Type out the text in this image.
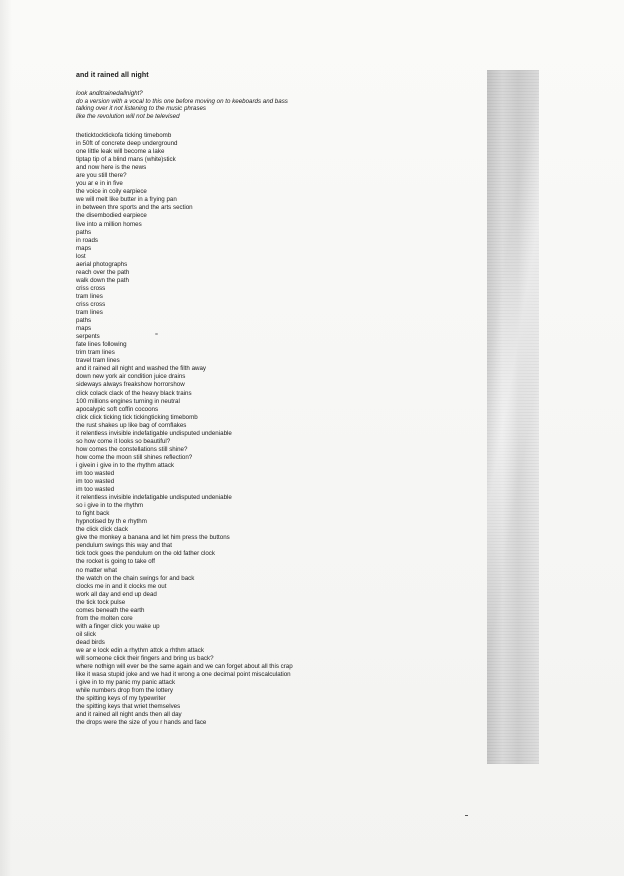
and it rained all night
look anditrainedallnight?
do a version with a vocal to this one before moving on to keeboards and bass
talking over it not listening to the music phrases
like the revolution will not be televised
theticktocktickofa ticking timebomb
in 50ft of concrete deep underground
one little leak will become a lake
tiptap tip of a blind mans (white)stick
and now here is the news
are you still there?
you ar e in in five
the voice in coily earpiece
we will melt like butter in a frying pan
in between thre sports and the arts section
the disembodied earpiece
live into a million homes
paths
in roads
maps
lost
aerial photographs
reach over the path
walk down the path
criss cross
tram lines
criss cross
tram lines
paths
maps
serpents
fate lines following
trim tram lines
travel tram lines
and it rained all night and washed the filth away
down new york air condition juice drains
sideways always freakshow horrorshow
click colack clack of the heavy black trains
100 millions engines turning in neutral
apocalypic soft coffin cocoons
click click ticking tick tickingticking timebomb
the rust shakes up like bag of cornflakes
it relentless invisible indefatigable undisputed undeniable
so how come it looks so beautiful?
how comes the constellations still shine?
how come the moon still shines reflection?
i givein i give in to the rhythm attack
im too wasted
im too wasted
im too wasted
it relentless invisible indefatigable undisputed undeniable
so i give in to the rhythm
to fight back
hypnotised by th e rhythm
the click click clack
give the monkey a banana and let him press the buttons
pendulum swings this way and that
tick tock goes the pendulum on the old father clock
the rocket is going to take off
no matter what
the watch on the chain swings for and back
clocks me in and it clocks me out
work all day and end up dead
the tick tock pulse
comes beneath the earth
from the molten core
with a finger click you wake up
oil slick
dead birds
we ar e lock edin a rhythm attck a rhthm attack
will someone click their fingers and bring us back?
where nothign will ever be the same again and we can forget about all this crap
like it wasa stupid joke and we had it wrong a one decimal point miscalculation
i give in to my panic my panic attack
while numbers drop from the lottery
the spitting keys of my typewriter
the spitting keys that wriet themselves
and it rained all night ands then all day
the drops were the size of you r hands and face
